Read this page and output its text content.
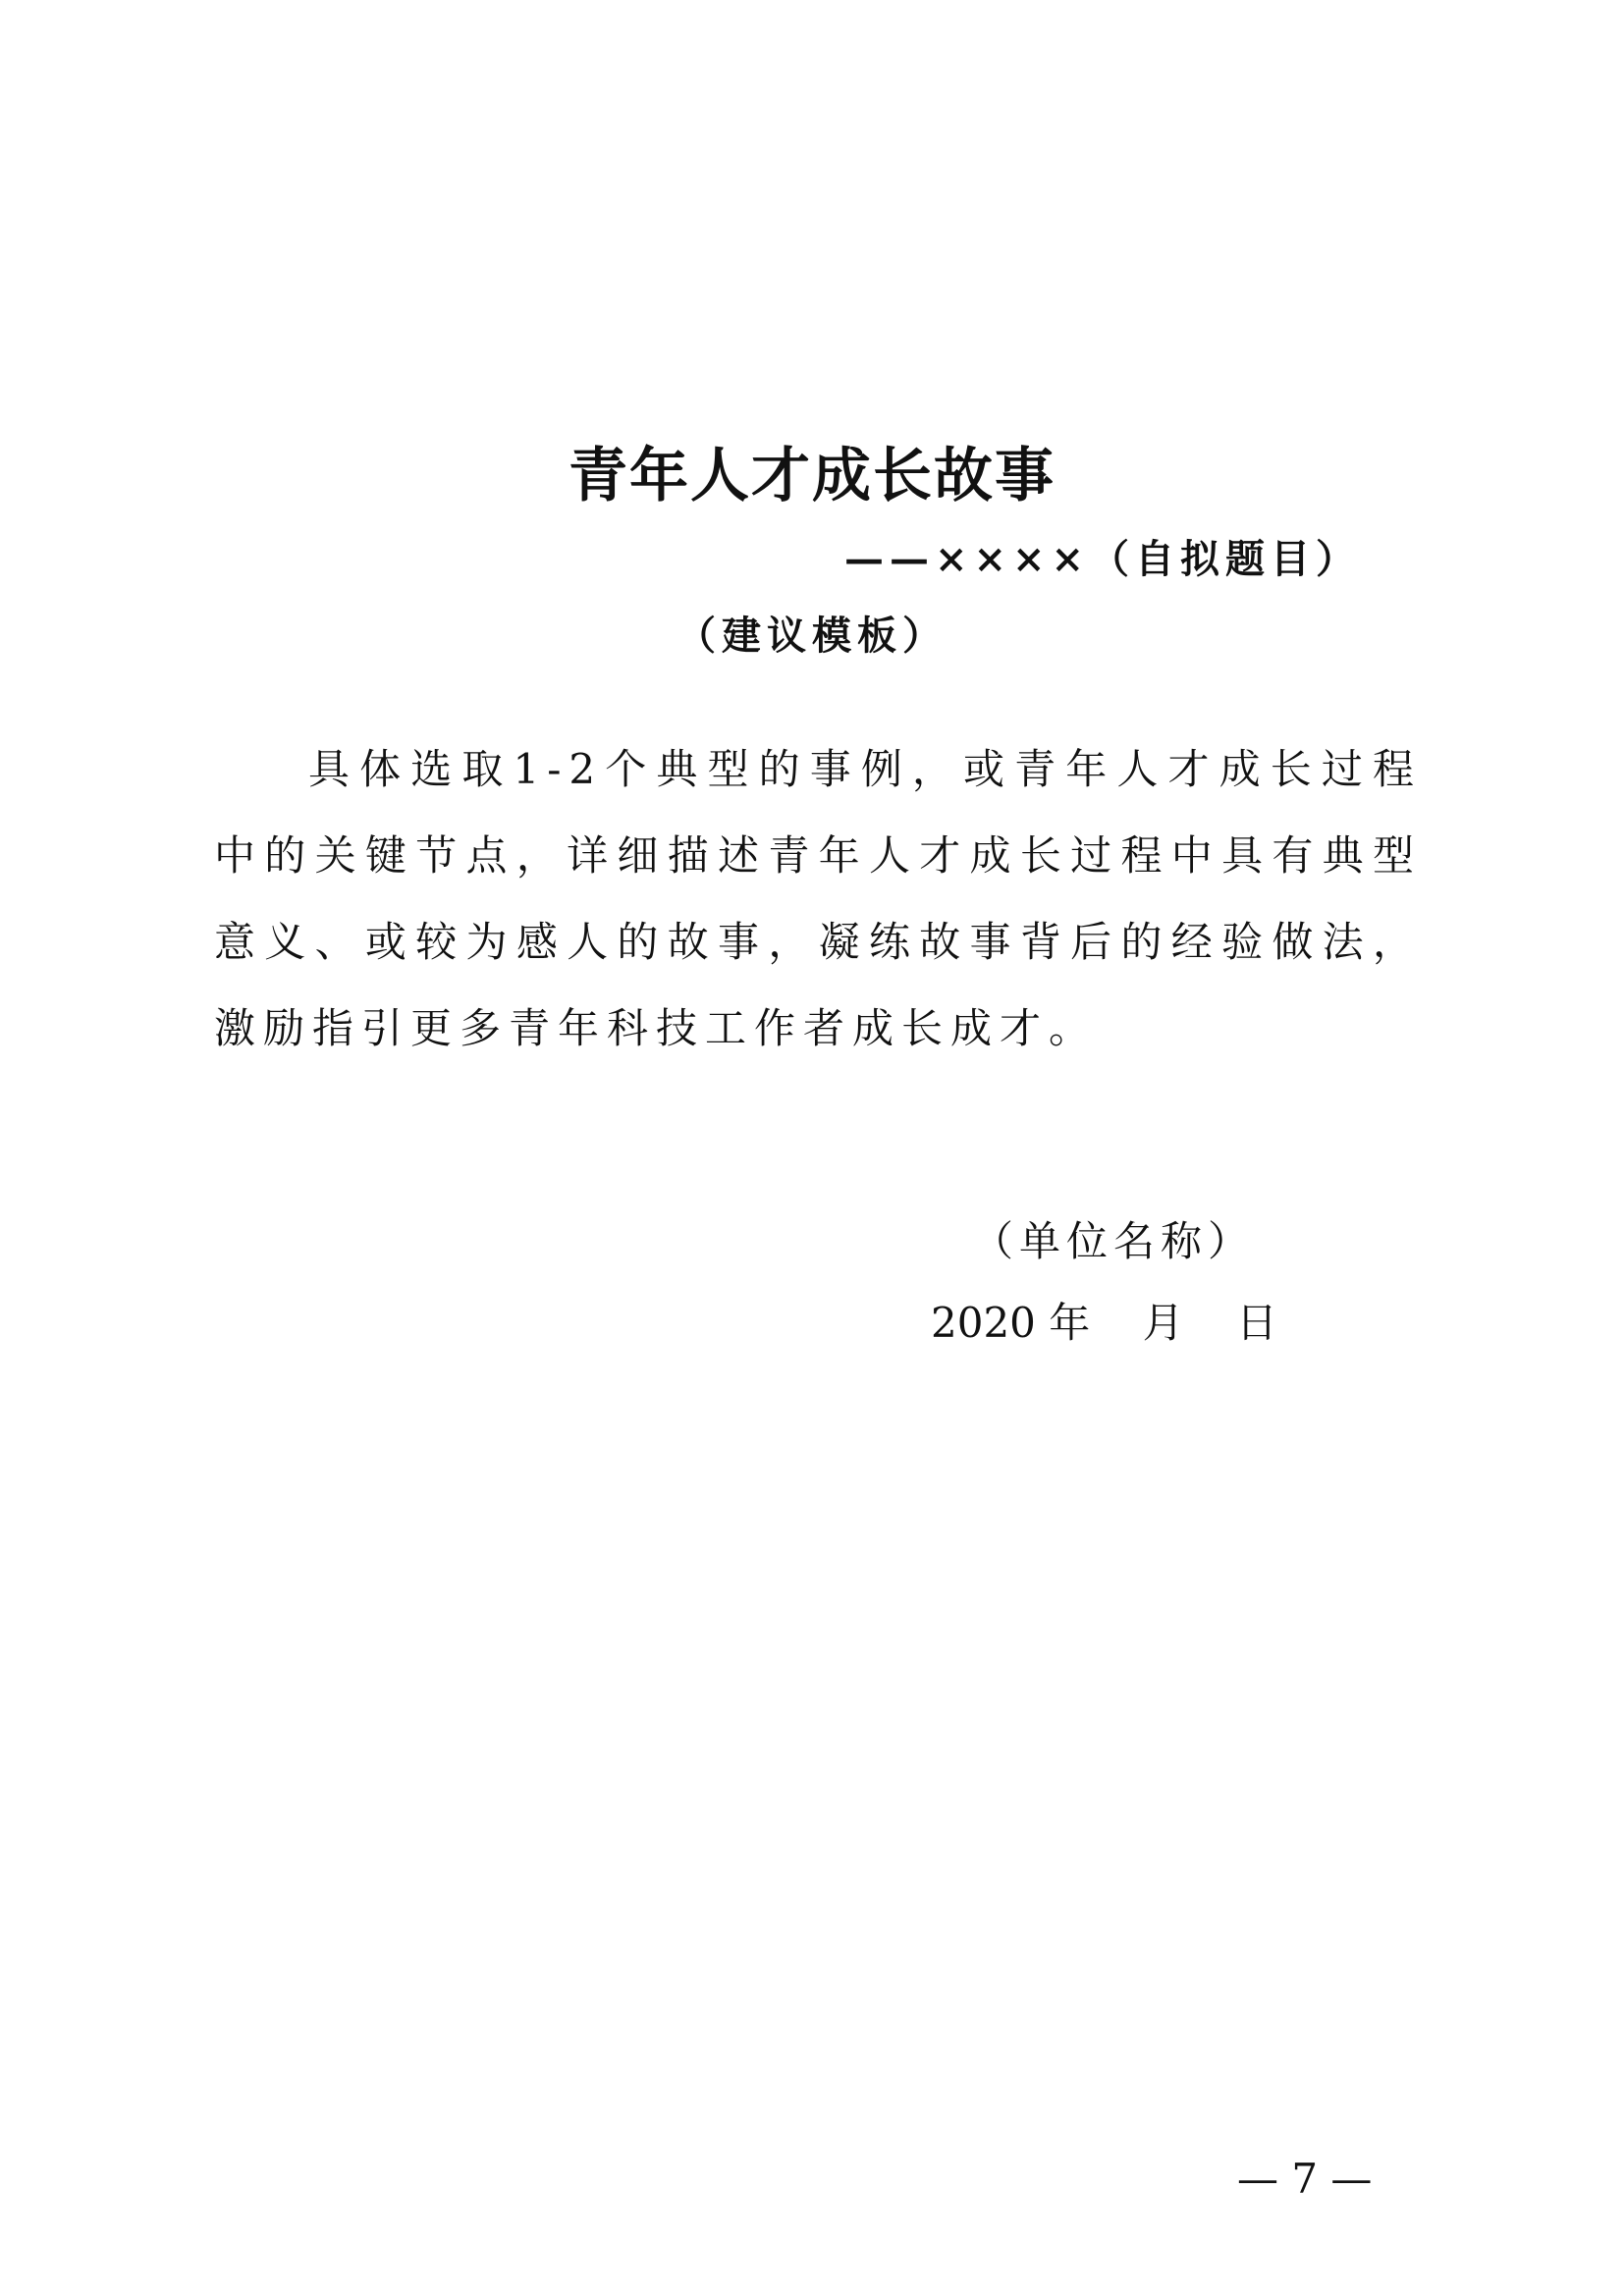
青年人才成长故事
——××××（自拟题目）
（建议模板）

具体选取1-2个典型的事例，或青年人才成长过程中的关键节点，详细描述青年人才成长过程中具有典型意义、或较为感人的故事，凝练故事背后的经验做法，激励指引更多青年科技工作者成长成才。

（单位名称）
2020 年    月    日
— 7 —
